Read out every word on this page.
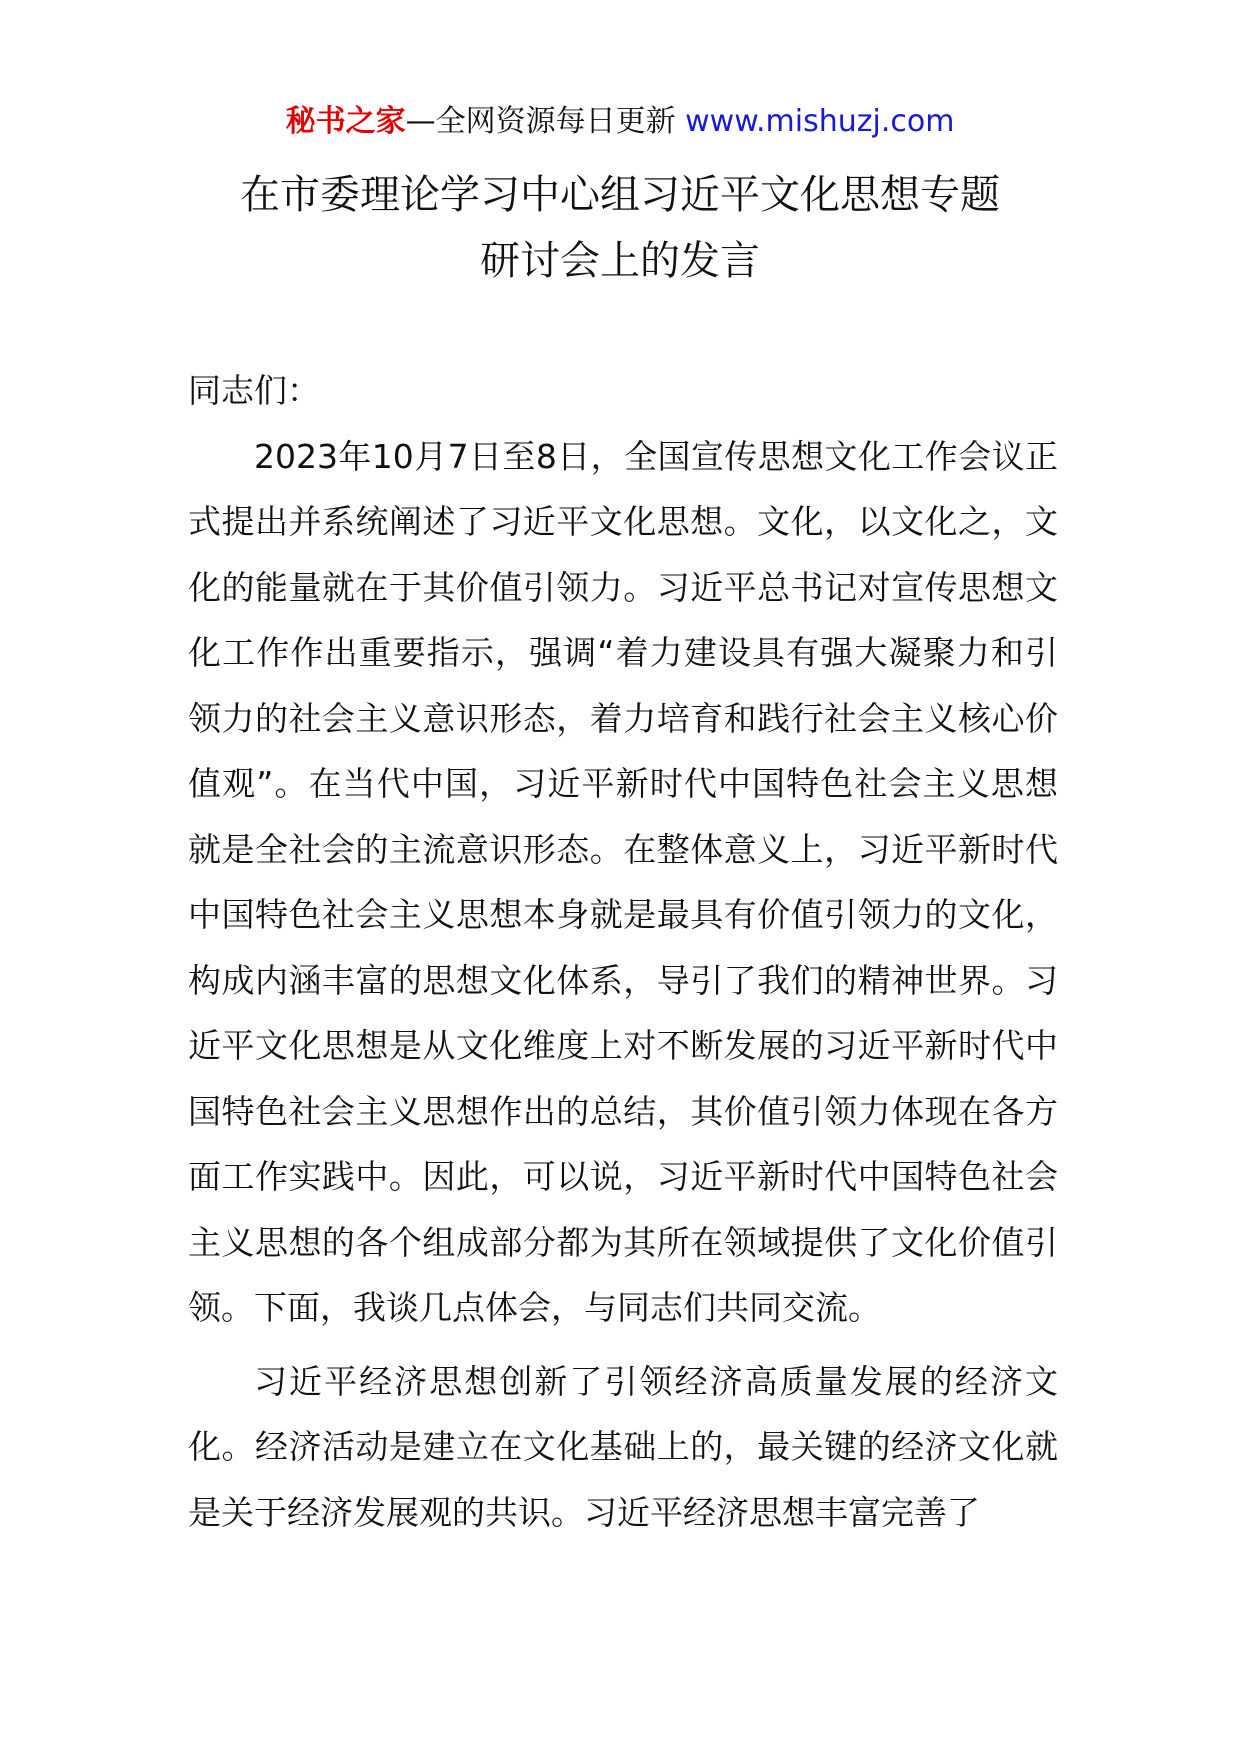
秘书之家—全网资源每日更新 www.mishuzj.com
在市委理论学习中心组习近平文化思想专题
研讨会上的发言

同志们：

2023年10月7日至8日，全国宣传思想文化工作会议正式提出并系统阐述了习近平文化思想。文化，以文化之，文化的能量就在于其价值引领力。习近平总书记对宣传思想文化工作作出重要指示，强调“着力建设具有强大凝聚力和引领力的社会主义意识形态，着力培育和践行社会主义核心价值观”。在当代中国，习近平新时代中国特色社会主义思想就是全社会的主流意识形态。在整体意义上，习近平新时代中国特色社会主义思想本身就是最具有价值引领力的文化，构成内涵丰富的思想文化体系，导引了我们的精神世界。习近平文化思想是从文化维度上对不断发展的习近平新时代中国特色社会主义思想作出的总结，其价值引领力体现在各方面工作实践中。因此，可以说，习近平新时代中国特色社会主义思想的各个组成部分都为其所在领域提供了文化价值引领。下面，我谈几点体会，与同志们共同交流。

习近平经济思想创新了引领经济高质量发展的经济文化。经济活动是建立在文化基础上的，最关键的经济文化就是关于经济发展观的共识。习近平经济思想丰富完善了
